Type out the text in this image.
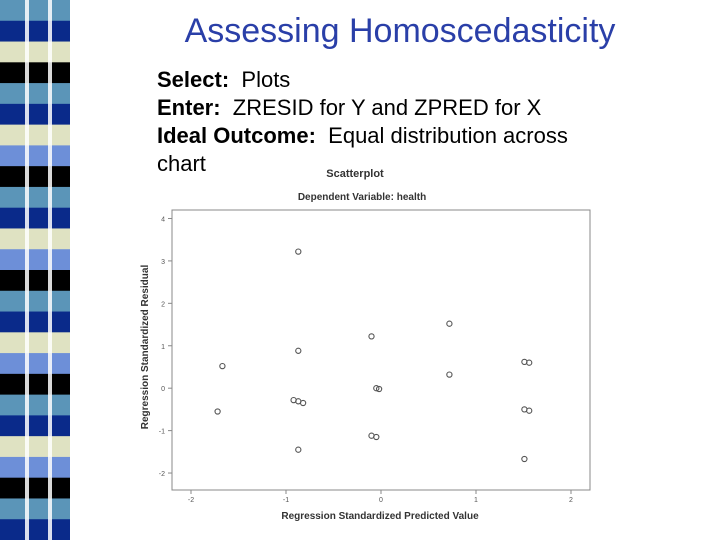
Assessing Homoscedasticity
Select: Plots
Enter: ZRESID for Y and ZPRED for X
Ideal Outcome: Equal distribution across
chart	Scatterplot
Dependent Variable: health
-2
-1
0
1
2
3
4
-2	-1	0	1	2
Regression Standardized Predicted Value
Regression Standardized Residual
